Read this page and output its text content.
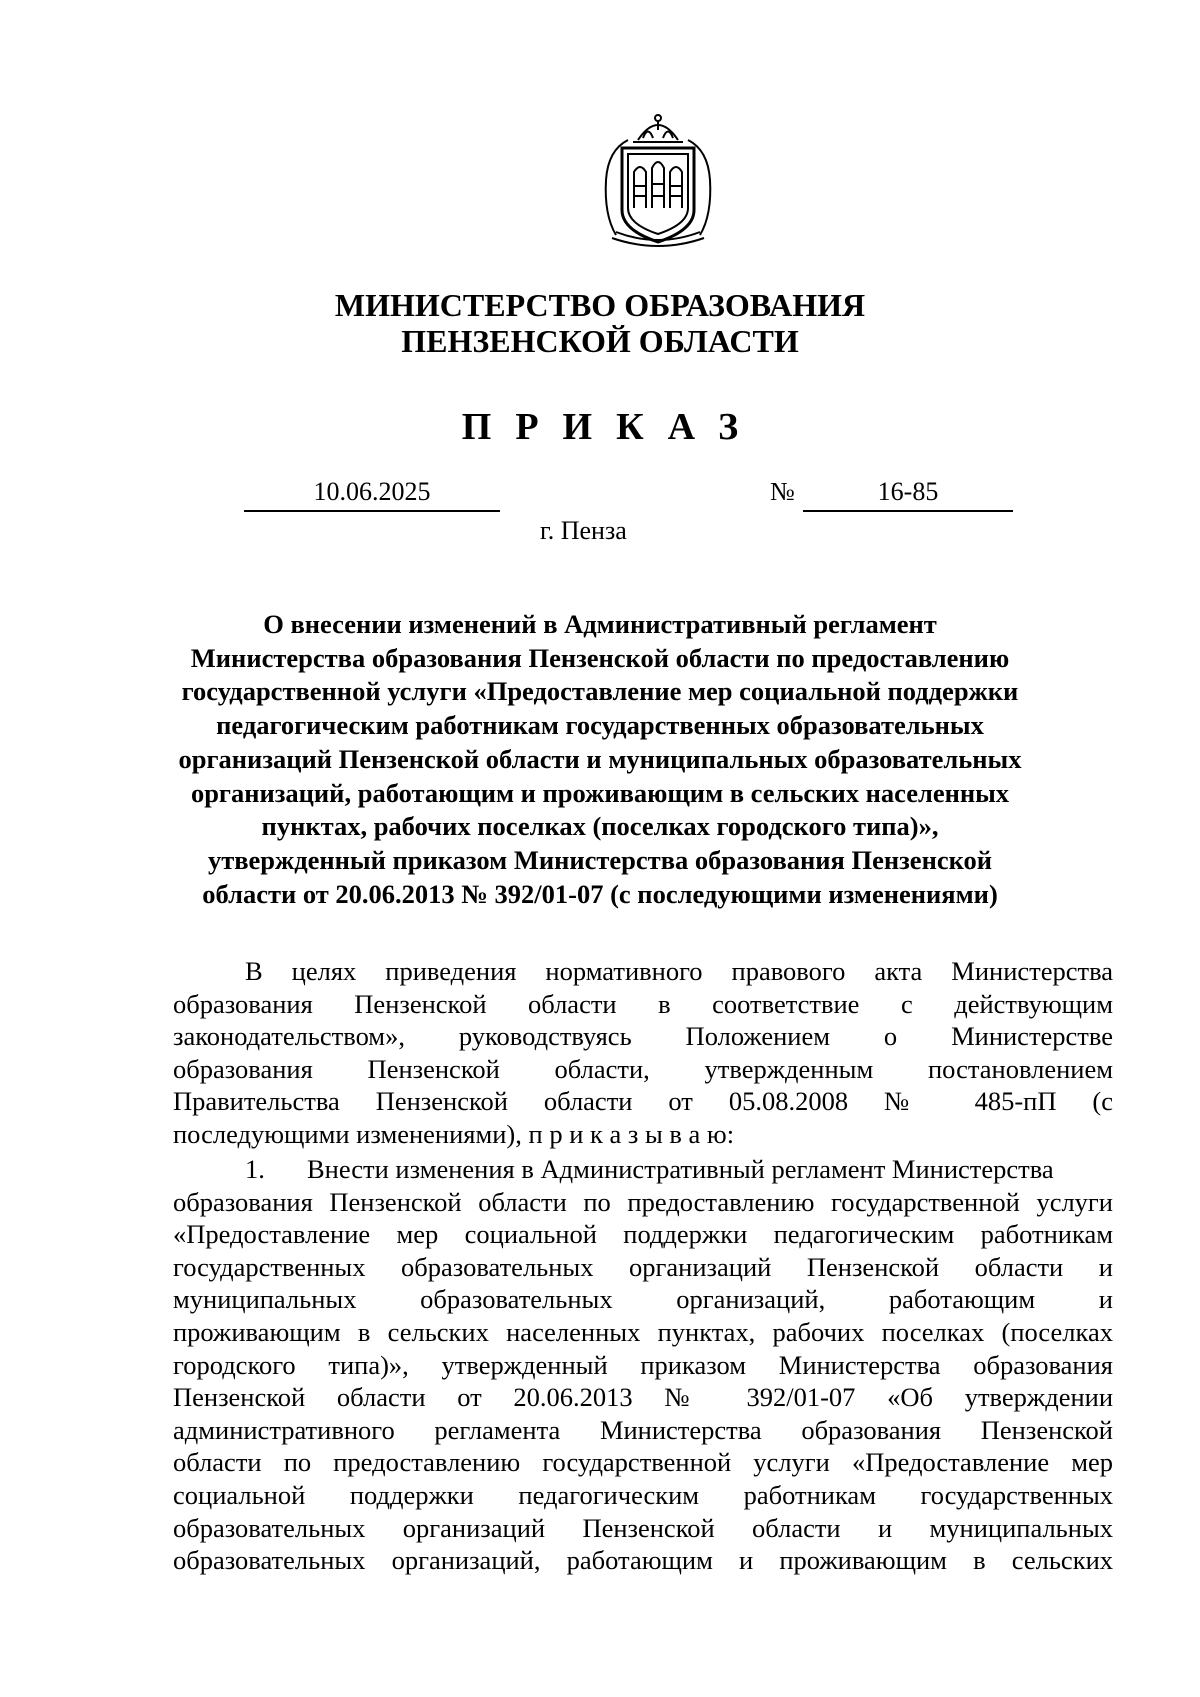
МИНИСТЕРСТВО ОБРАЗОВАНИЯ
ПЕНЗЕНСКОЙ ОБЛАСТИ
ПРИКАЗ
10.06.2025	№	16-85
г. Пенза
О внесении изменений в Административный регламент
Министерства образования Пензенской области по предоставлению
государственной услуги «Предоставление мер социальной поддержки
педагогическим работникам государственных образовательных
организаций Пензенской области и муниципальных образовательных
организаций, работающим и проживающим в сельских населенных
пунктах, рабочих поселках (поселках городского типа)»,
утвержденный приказом Министерства образования Пензенской
области от 20.06.2013 № 392/01-07 (с последующими изменениями)
В целях приведения нормативного правового акта Министерства
образования Пензенской области в соответствие с действующим
законодательством», руководствуясь Положением о Министерстве
образования Пензенской области, утвержденным постановлением
Правительства Пензенской области от 05.08.2008 № 485-пП (с
последующими изменениями), п р и к а з ы в а ю:
1. Внести изменения в Административный регламент Министерства
образования Пензенской области по предоставлению государственной услуги
«Предоставление мер социальной поддержки педагогическим работникам
государственных образовательных организаций Пензенской области и
муниципальных образовательных организаций, работающим и
проживающим в сельских населенных пунктах, рабочих поселках (поселках
городского типа)», утвержденный приказом Министерства образования
Пензенской области от 20.06.2013 № 392/01-07 «Об утверждении
административного регламента Министерства образования Пензенской
области по предоставлению государственной услуги «Предоставление мер
социальной поддержки педагогическим работникам государственных
образовательных организаций Пензенской области и муниципальных
образовательных организаций, работающим и проживающим в сельских
